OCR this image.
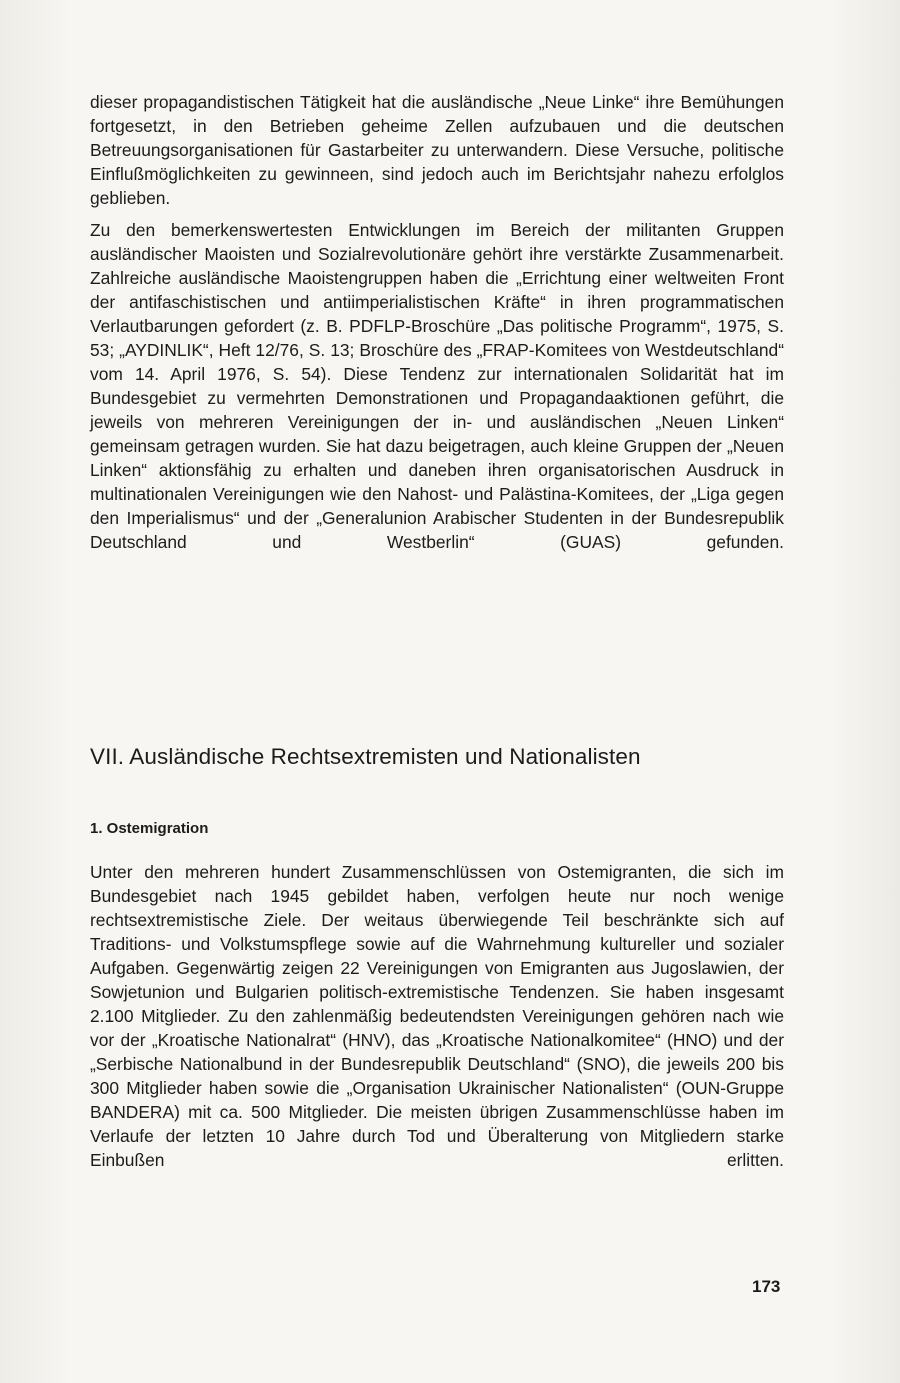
dieser propagandistischen Tätigkeit hat die ausländische „Neue Linke“ ihre Bemühungen fortgesetzt, in den Betrieben geheime Zellen aufzubauen und die deutschen Betreuungsorganisationen für Gastarbeiter zu unterwandern. Diese Versuche, politische Einflußmöglichkeiten zu gewinneen, sind jedoch auch im Berichtsjahr nahezu erfolglos geblieben.

Zu den bemerkenswertesten Entwicklungen im Bereich der militanten Gruppen ausländischer Maoisten und Sozialrevolutionäre gehört ihre verstärkte Zusammenarbeit. Zahlreiche ausländische Maoistengruppen haben die „Errichtung einer weltweiten Front der antifaschistischen und antiimperialistischen Kräfte“ in ihren programmatischen Verlautbarungen gefordert (z. B. PDFLP-Broschüre „Das politische Programm“, 1975, S. 53; „AYDINLIK“, Heft 12/76, S. 13; Broschüre des „FRAP-Komitees von Westdeutschland“ vom 14. April 1976, S. 54). Diese Tendenz zur internationalen Solidarität hat im Bundesgebiet zu vermehrten Demonstrationen und Propagandaaktionen geführt, die jeweils von mehreren Vereinigungen der in- und ausländischen „Neuen Linken“ gemeinsam getragen wurden. Sie hat dazu beigetragen, auch kleine Gruppen der „Neuen Linken“ aktionsfähig zu erhalten und daneben ihren organisatorischen Ausdruck in multinationalen Vereinigungen wie den Nahost- und Palästina-Komitees, der „Liga gegen den Imperialismus“ und der „Generalunion Arabischer Studenten in der Bundesrepublik Deutschland und Westberlin“ (GUAS) gefunden.

VII. Ausländische Rechtsextremisten und Nationalisten
1. Ostemigration

Unter den mehreren hundert Zusammenschlüssen von Ostemigranten, die sich im Bundesgebiet nach 1945 gebildet haben, verfolgen heute nur noch wenige rechtsextremistische Ziele. Der weitaus überwiegende Teil beschränkte sich auf Traditions- und Volkstumspflege sowie auf die Wahrnehmung kultureller und sozialer Aufgaben. Gegenwärtig zeigen 22 Vereinigungen von Emigranten aus Jugoslawien, der Sowjetunion und Bulgarien politisch-extremistische Tendenzen. Sie haben insgesamt 2.100 Mitglieder. Zu den zahlenmäßig bedeutendsten Vereinigungen gehören nach wie vor der „Kroatische Nationalrat“ (HNV), das „Kroatische Nationalkomitee“ (HNO) und der „Serbische Nationalbund in der Bundesrepublik Deutschland“ (SNO), die jeweils 200 bis 300 Mitglieder haben sowie die „Organisation Ukrainischer Nationalisten“ (OUN-Gruppe BANDERA) mit ca. 500 Mitglieder. Die meisten übrigen Zusammenschlüsse haben im Verlaufe der letzten 10 Jahre durch Tod und Überalterung von Mitgliedern starke Einbußen erlitten.

173
